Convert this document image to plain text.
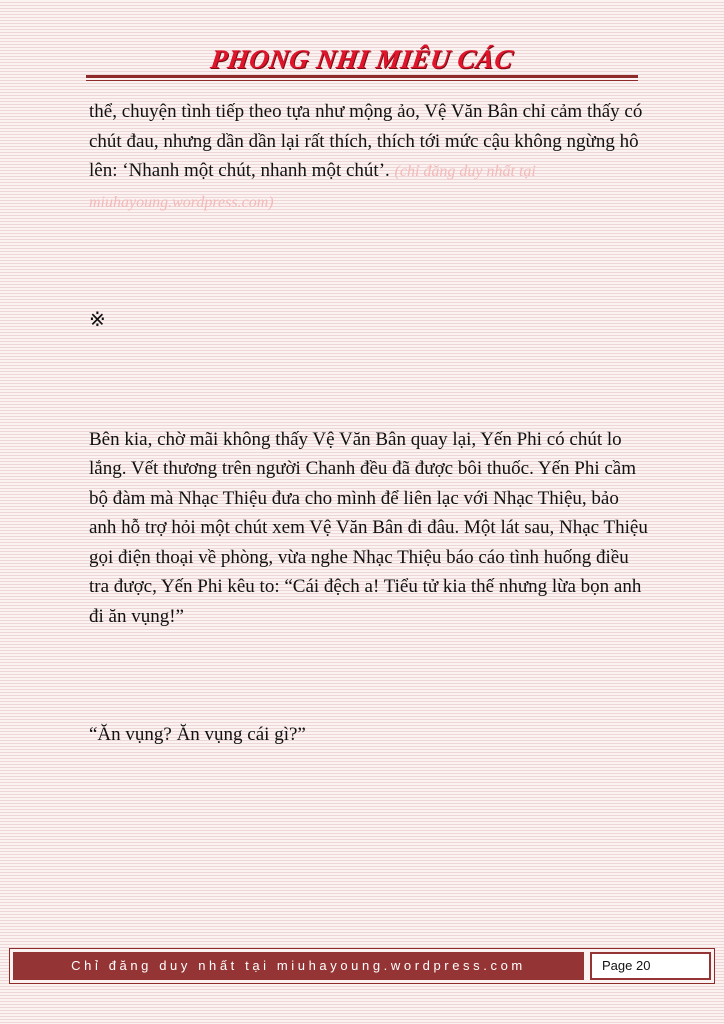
PHONG NHI MIÊU CÁC

thể, chuyện tình tiếp theo tựa như mộng ảo, Vệ Văn Bân chỉ cảm thấy có chút đau, nhưng dần dần lại rất thích, thích tới mức cậu không ngừng hô lên: ‘Nhanh một chút, nhanh một chút’. (chỉ đăng duy nhất tại miuhayoung.wordpress.com)

※

Bên kia, chờ mãi không thấy Vệ Văn Bân quay lại, Yến Phi có chút lo lắng. Vết thương trên người Chanh đều đã được bôi thuốc. Yến Phi cầm bộ đàm mà Nhạc Thiệu đưa cho mình để liên lạc với Nhạc Thiệu, bảo anh hỗ trợ hỏi một chút xem Vệ Văn Bân đi đâu. Một lát sau, Nhạc Thiệu gọi điện thoại về phòng, vừa nghe Nhạc Thiệu báo cáo tình huống điều tra được, Yến Phi kêu to: “Cái đệch a! Tiểu tử kia thế nhưng lừa bọn anh đi ăn vụng!”

“Ăn vụng? Ăn vụng cái gì?”

Chỉ đăng duy nhất tại miuhayoung.wordpress.com	Page 20
